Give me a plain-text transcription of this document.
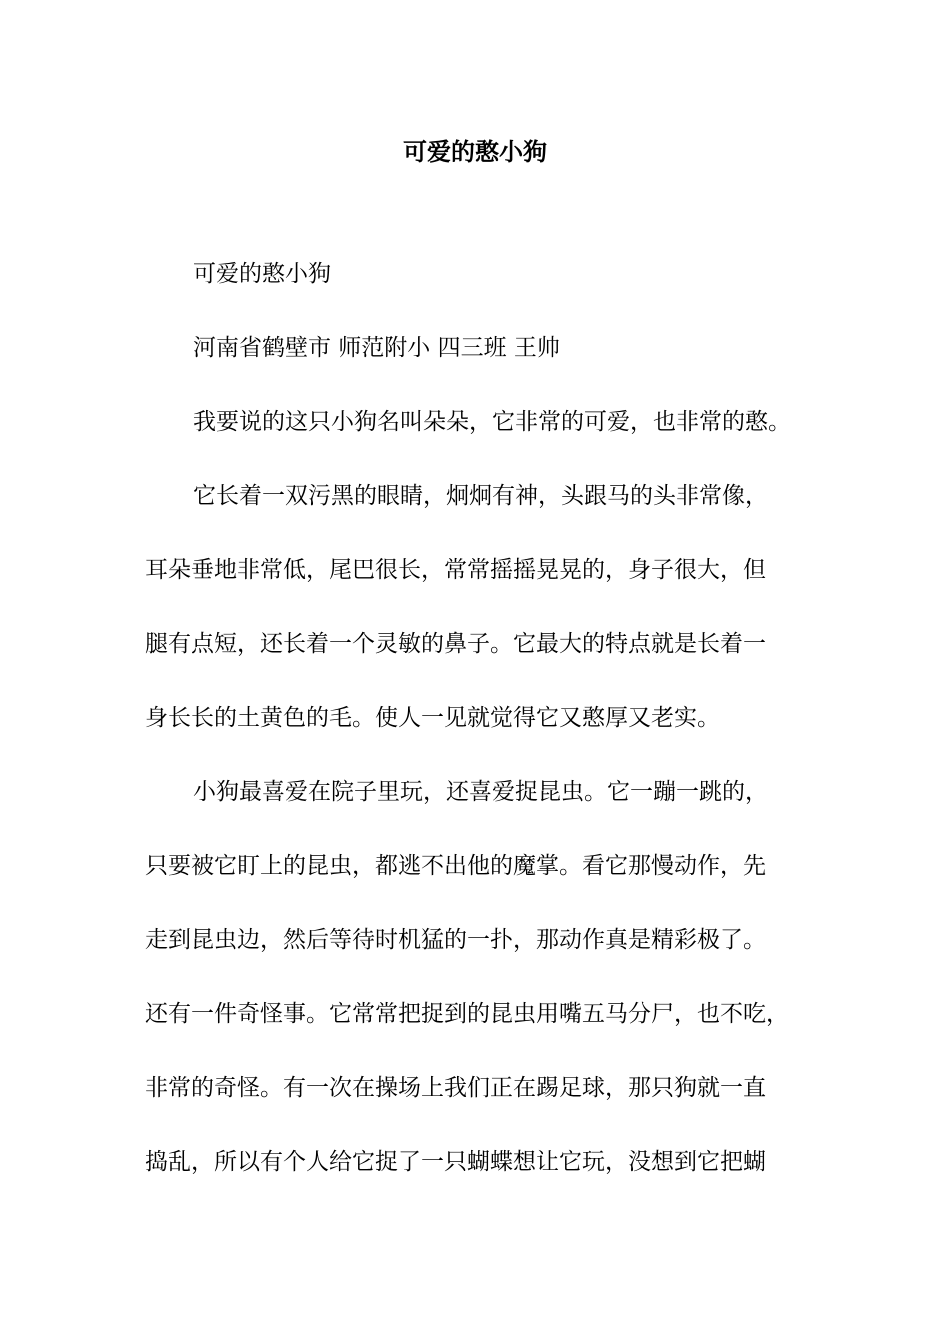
可爱的憨小狗
可爱的憨小狗
河南省鹤壁市 师范附小 四三班 王帅
我要说的这只小狗名叫朵朵，它非常的可爱，也非常的憨。
它长着一双污黑的眼睛，炯炯有神，头跟马的头非常像，
耳朵垂地非常低，尾巴很长，常常摇摇晃晃的，身子很大，但
腿有点短，还长着一个灵敏的鼻子。它最大的特点就是长着一
身长长的土黄色的毛。使人一见就觉得它又憨厚又老实。
小狗最喜爱在院子里玩，还喜爱捉昆虫。它一蹦一跳的，
只要被它盯上的昆虫，都逃不出他的魔掌。看它那慢动作，先
走到昆虫边，然后等待时机猛的一扑，那动作真是精彩极了。
还有一件奇怪事。它常常把捉到的昆虫用嘴五马分尸，也不吃，
非常的奇怪。有一次在操场上我们正在踢足球，那只狗就一直
捣乱，所以有个人给它捉了一只蝴蝶想让它玩，没想到它把蝴
